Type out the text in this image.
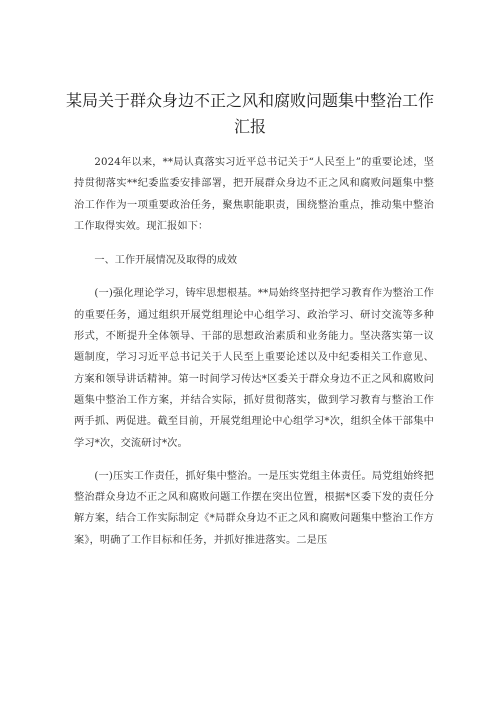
某局关于群众身边不正之风和腐败问题集中整治工作
汇报

2024年以来，**局认真落实习近平总书记关于“人民至上”的重要论述，坚持贯彻落实**纪委监委安排部署，把开展群众身边不正之风和腐败问题集中整治工作作为一项重要政治任务，聚焦职能职责，围绕整治重点，推动集中整治工作取得实效。现汇报如下：

一、工作开展情况及取得的成效

(一)强化理论学习，铸牢思想根基。**局始终坚持把学习教育作为整治工作的重要任务，通过组织开展党组理论中心组学习、政治学习、研讨交流等多种形式，不断提升全体领导、干部的思想政治素质和业务能力。坚决落实第一议题制度，学习习近平总书记关于人民至上重要论述以及中纪委相关工作意见、方案和领导讲话精神。第一时间学习传达*区委关于群众身边不正之风和腐败问题集中整治工作方案，并结合实际，抓好贯彻落实，做到学习教育与整治工作两手抓、两促进。截至目前，开展党组理论中心组学习*次，组织全体干部集中学习*次，交流研讨*次。

(一)压实工作责任，抓好集中整治。一是压实党组主体责任。局党组始终把整治群众身边不正之风和腐败问题工作摆在突出位置，根据*区委下发的责任分解方案，结合工作实际制定《*局群众身边不正之风和腐败问题集中整治工作方案》，明确了工作目标和任务，并抓好推进落实。二是压
